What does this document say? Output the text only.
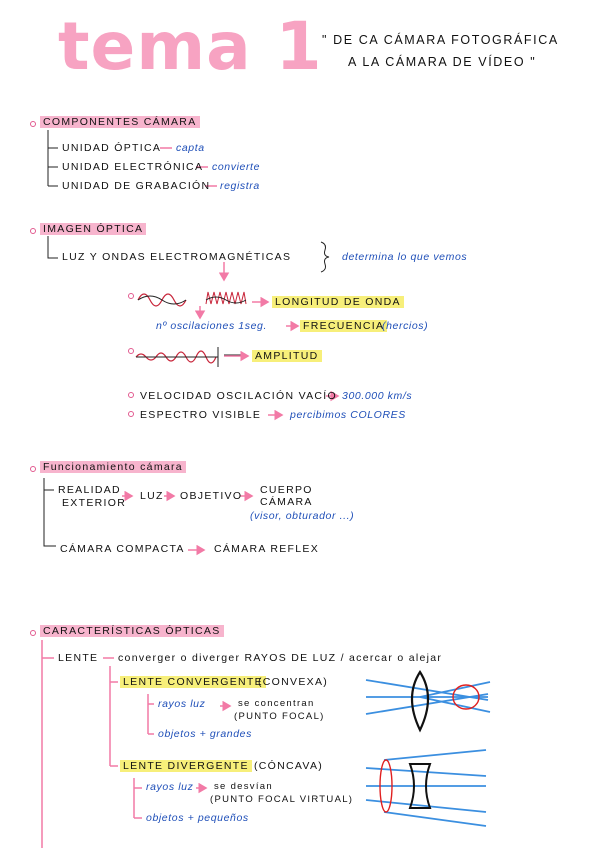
tema 1 " DE CA CÁMARA FOTOGRÁFICA
A LA CÁMARA DE VÍDEO "
COMPONENTES CÁMARA
UNIDAD ÓPTICA capta
UNIDAD ELECTRÓNICA convierte
UNIDAD DE GRABACIÓN registra
IMAGEN ÓPTICA
LUZ Y ONDAS ELECTROMAGNÉTICAS	determina lo que vemos
LONGITUD DE ONDA
nº oscilaciones 1seg.	FRECUENCIA
(hercios)
AMPLITUD
VELOCIDAD OSCILACIÓN VACÍO 300.000 km/s
ESPECTRO VISIBLE	percibimos COLORES
Funcionamiento cámara
REALIDAD
EXTERIOR
LUZ OBJETIVO CUERPO
CÁMARA
(visor, obturador ...)
CÁMARA COMPACTA	CÁMARA REFLEX
CARACTERÍSTICAS ÓPTICAS
LENTE converger o diverger RAYOS DE LUZ / acercar o alejar
LENTE CONVERGENTE
(CONVEXA)
rayos luz	se concentran
(PUNTO FOCAL)
objetos + grandes
LENTE DIVERGENTE (CÓNCAVA)
rayos luz se desvían
(PUNTO FOCAL VIRTUAL)
objetos + pequeños
